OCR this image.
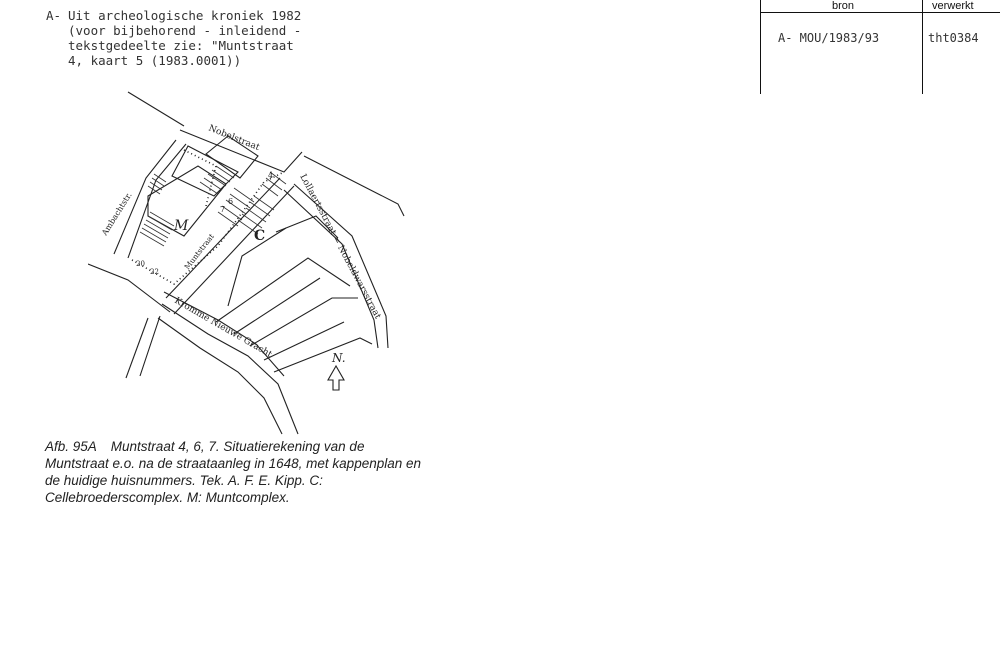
A- Uit archeologische kroniek 1982
(voor bijbehorend - inleidend -
tekstgedeelte zie: "Muntstraat
4, kaart 5 (1983.0001))
bron	verwerkt
A- MOU/1983/93	tht0384
Nobelstraat
Lollaertsstraat = Nobeldwarsstraat
Kromme Nieuwe Gracht
Ambachtstr.
Muntstraat
M
C
4
6
7
22
20
N.
Afb. 95A Muntstraat 4, 6, 7. Situatierekening van de Muntstraat e.o. na de straataanleg in 1648, met kappenplan en de huidige huisnummers. Tek. A. F. E. Kipp. C: Cellebroederscomplex. M: Muntcomplex.
